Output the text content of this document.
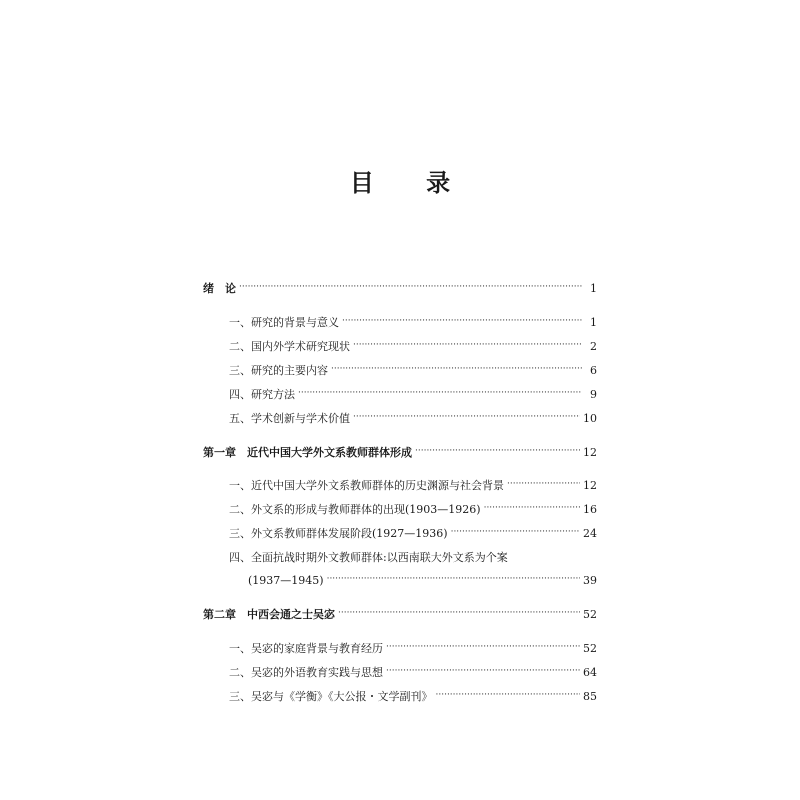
目 录
绪　论 ·····	1
一、研究的背景与意义 ·····	1
二、国内外学术研究现状 ·····	2
三、研究的主要内容 ·····	6
四、研究方法 ·····	9
五、学术创新与学术价值 ·····	10
第一章　近代中国大学外文系教师群体形成 ·····	12
一、近代中国大学外文系教师群体的历史渊源与社会背景 ·····	12
二、外文系的形成与教师群体的出现(1903—1926) ·····	16
三、外文系教师群体发展阶段(1927—1936) ·····	24
四、全面抗战时期外文教师群体:以西南联大外文系为个案
(1937—1945) ·····	39
第二章　中西会通之士吴宓 ·····	52
一、吴宓的家庭背景与教育经历 ·····	52
二、吴宓的外语教育实践与思想 ·····	64
三、吴宓与《学衡》《大公报・文学副刊》 ·····	85
